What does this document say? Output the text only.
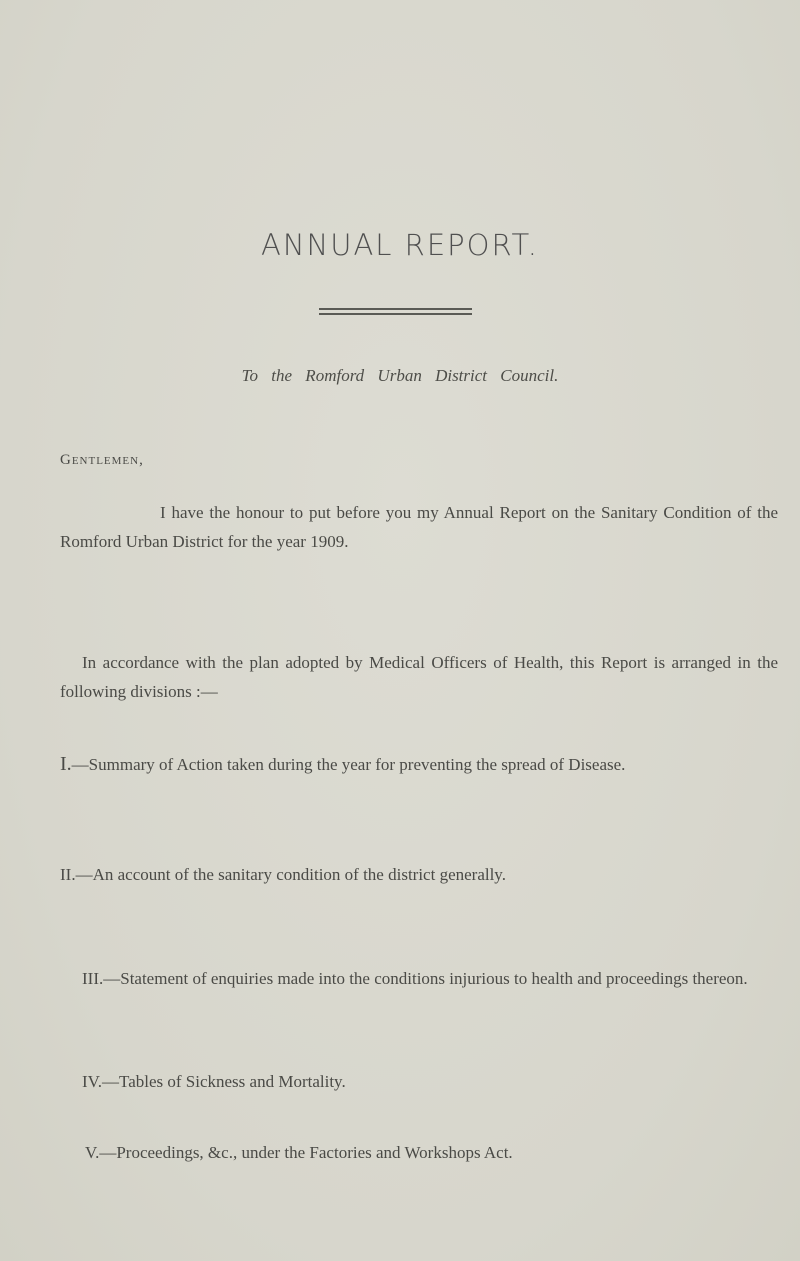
ANNUAL REPORT.
To the Romford Urban District Council.
Gentlemen,
I have the honour to put before you my Annual Report on the Sanitary Condition of the Romford Urban District for the year 1909.
In accordance with the plan adopted by Medical Officers of Health, this Report is arranged in the following divisions :—
I.—Summary of Action taken during the year for preventing the spread of Disease.
II.—An account of the sanitary condition of the district generally.
III.—Statement of enquiries made into the conditions injurious to health and proceedings thereon.
IV.—Tables of Sickness and Mortality.
V.—Proceedings, &c., under the Factories and Workshops Act.
